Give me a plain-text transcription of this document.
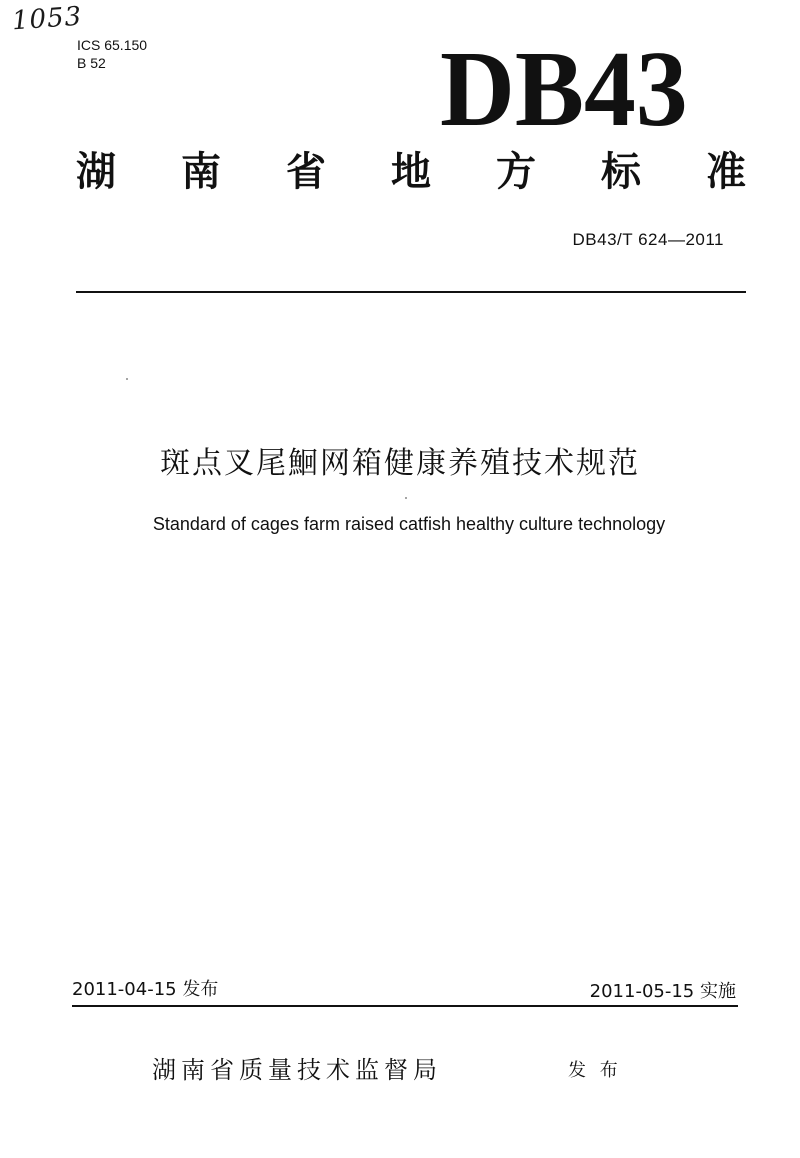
1053
ICS 65.150
B 52	DB43
湖 南 省 地 方 标 准
DB43/T 624—2011
斑点叉尾鮰网箱健康养殖技术规范
Standard of cages farm raised catfish healthy culture technology
2011-04-15 发布	2011-05-15 实施
湖南省质量技术监督局	发 布
